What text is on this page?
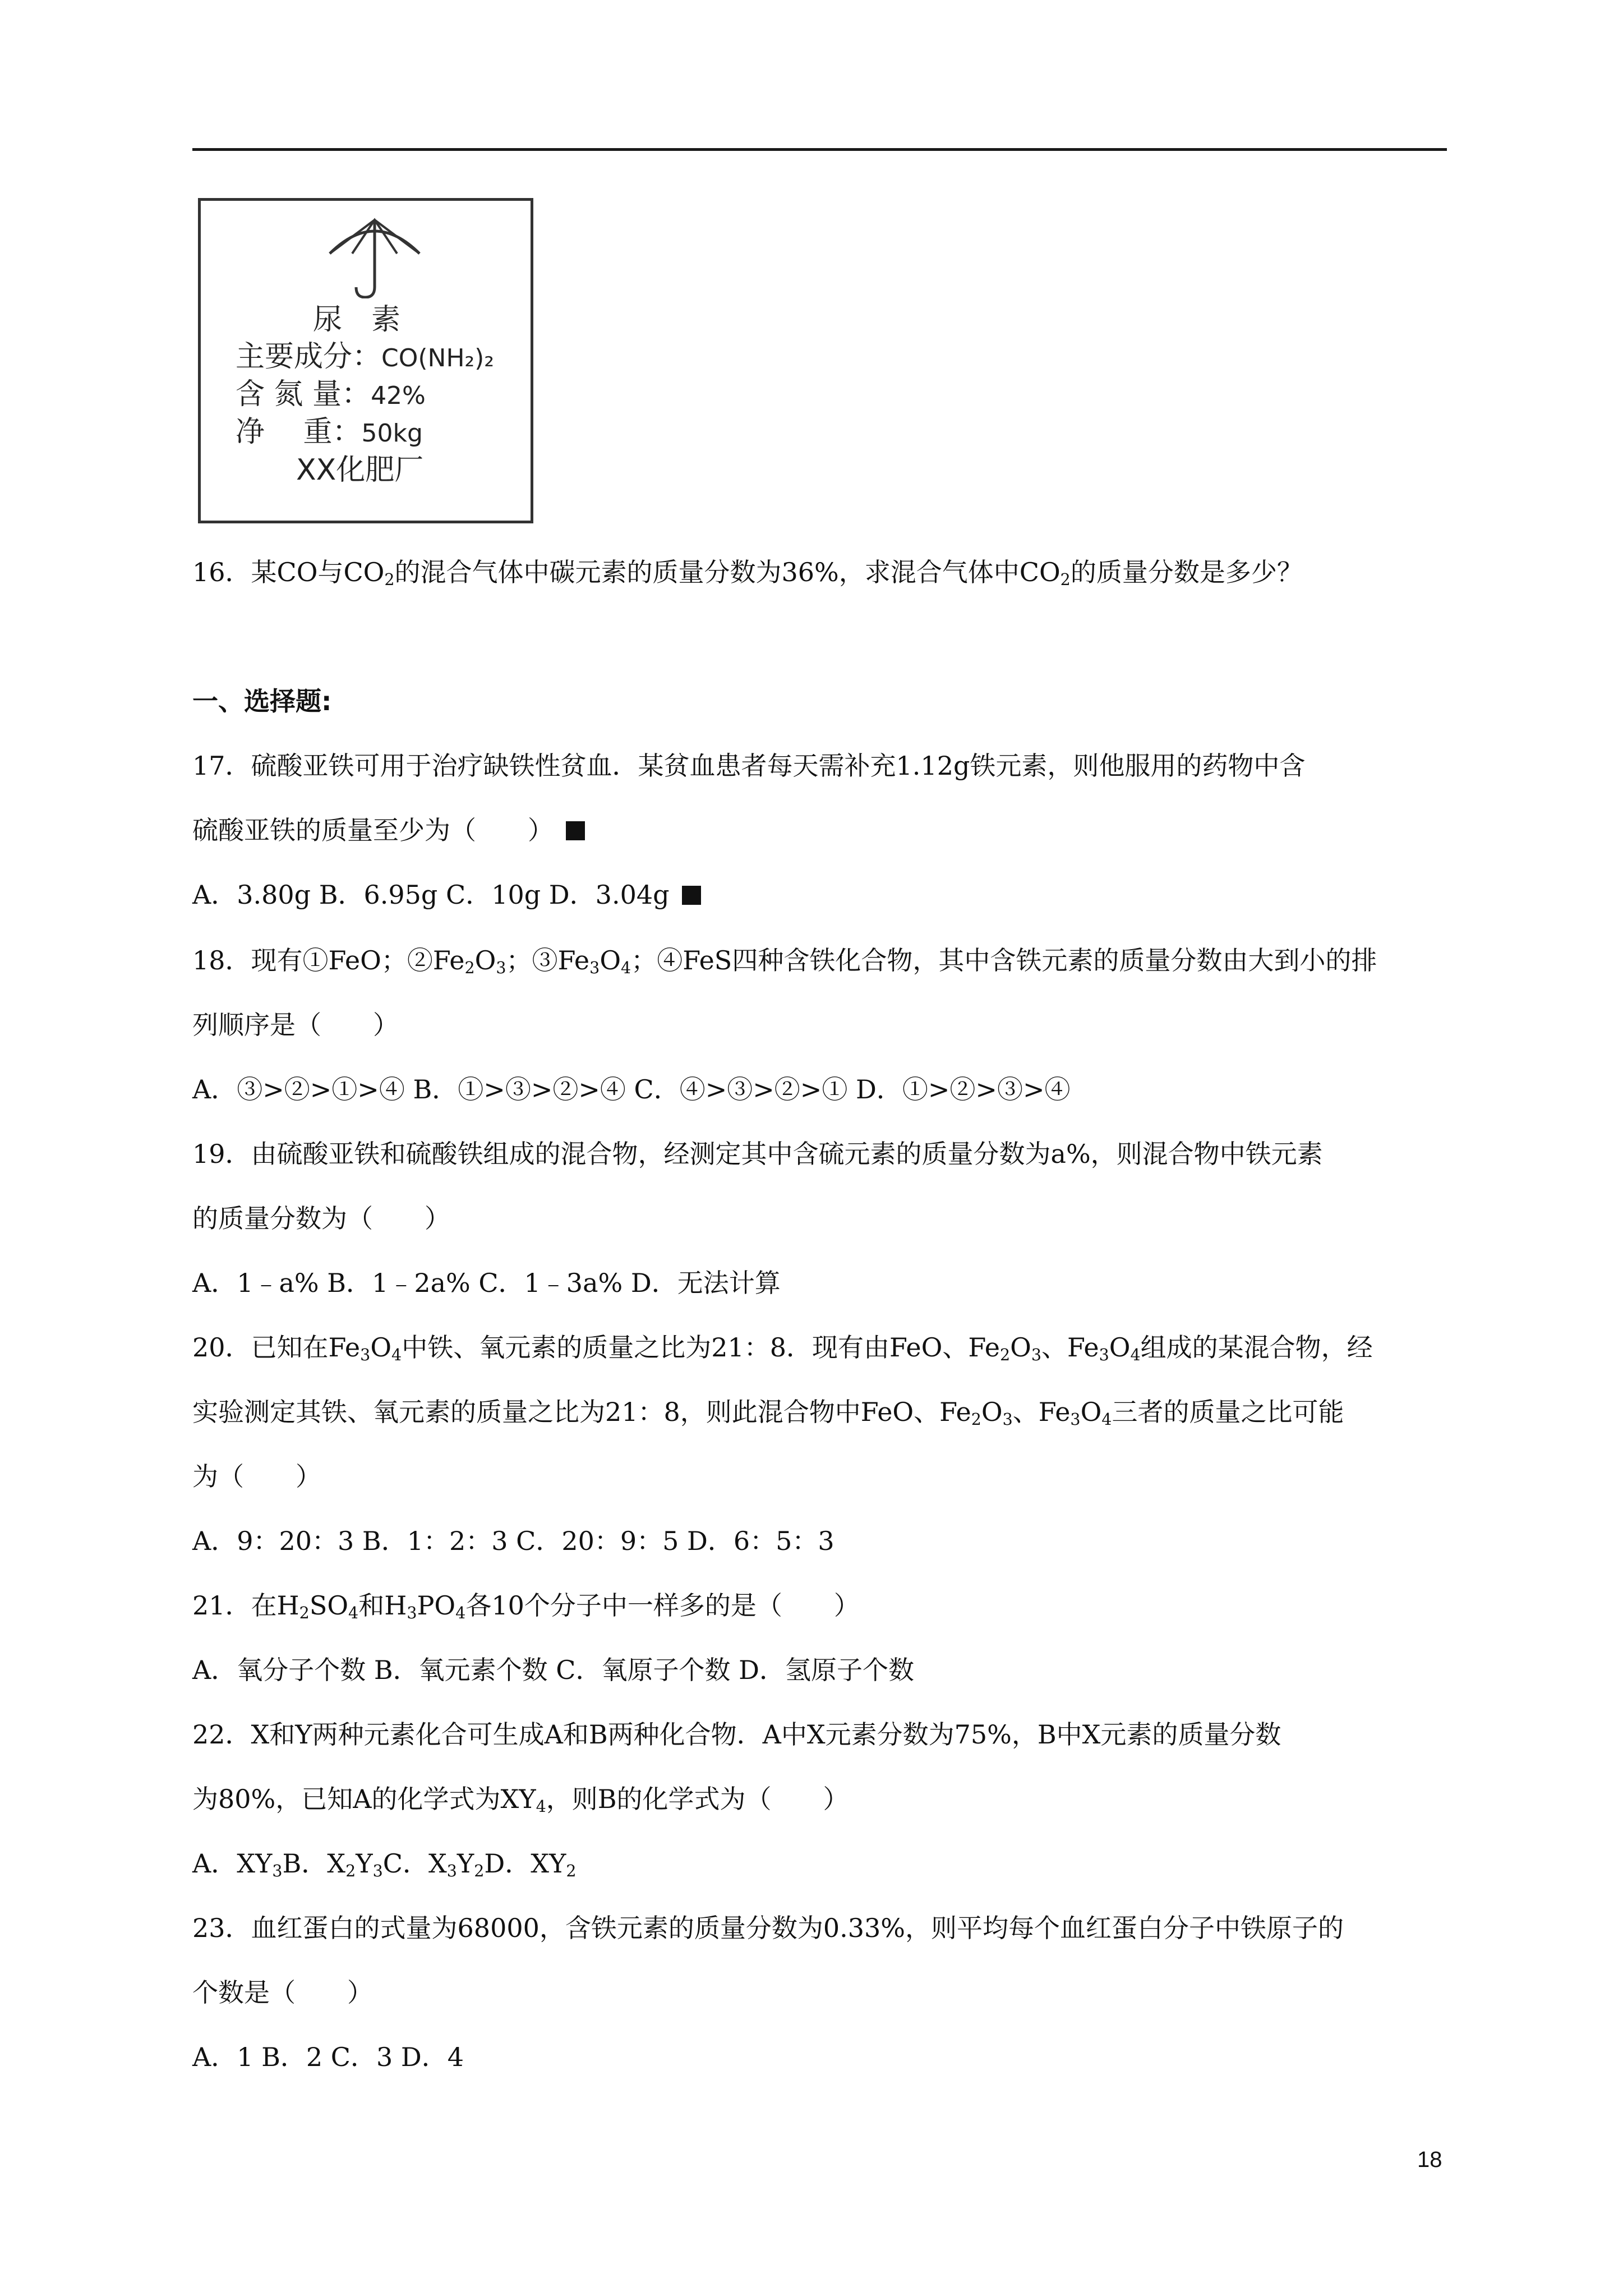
尿　素
主要成分：CO(NH₂)₂
含 氮 量：42%
净　 重：50kg
XX化肥厂
16．某CO与$CO_2$的混合气体中碳元素的质量分数为36%，求混合气体中$CO_2$的质量分数是多少？
一、选择题:
17．硫酸亚铁可用于治疗缺铁性贫血．某贫血患者每天需补充1.12g铁元素，则他服用的药物中含
硫酸亚铁的质量至少为（　　）
A．3.80g B．6.95g C．10g D．3.04g
18．现有①FeO；$②Fe_2O_3$；$③Fe_3O_4$；④FeS四种含铁化合物，其中含铁元素的质量分数由大到小的排
列顺序是（　　）
A．③>②>①>④ B．①>③>②>④ C．④>③>②>① D．①>②>③>④
19．由硫酸亚铁和硫酸铁组成的混合物，经测定其中含硫元素的质量分数为a%，则混合物中铁元素
的质量分数为（　　）
A．1﹣a% B．1﹣2a% C．1﹣3a% D．无法计算
20．已知在$Fe_3O_4$中铁、氧元素的质量之比为21：8．现有由FeO、$Fe_2O_3$、$Fe_3O_4$组成的某混合物，经
实验测定其铁、氧元素的质量之比为21：8，则此混合物中FeO、$Fe_2O_3$、$Fe_3O_4$三者的质量之比可能
为（　　）
A．9：20：3 B．1：2：3 C．20：9：5 D．6：5：3
21．在$H_2SO_4$和$H_3PO_4$各10个分子中一样多的是（　　）
A．氧分子个数 B．氧元素个数 C．氧原子个数 D．氢原子个数
22．X和Y两种元素化合可生成A和B两种化合物．A中X元素分数为75%，B中X元素的质量分数
为80%，已知A的化学式为$XY_4$，则B的化学式为（　　）
A．$XY_3B$．$X_2Y_3C$．$X_3Y_2D$．$XY_2$
23．血红蛋白的式量为68000，含铁元素的质量分数为0.33%，则平均每个血红蛋白分子中铁原子的
个数是（　　）
A．1 B．2 C．3 D．4
18
